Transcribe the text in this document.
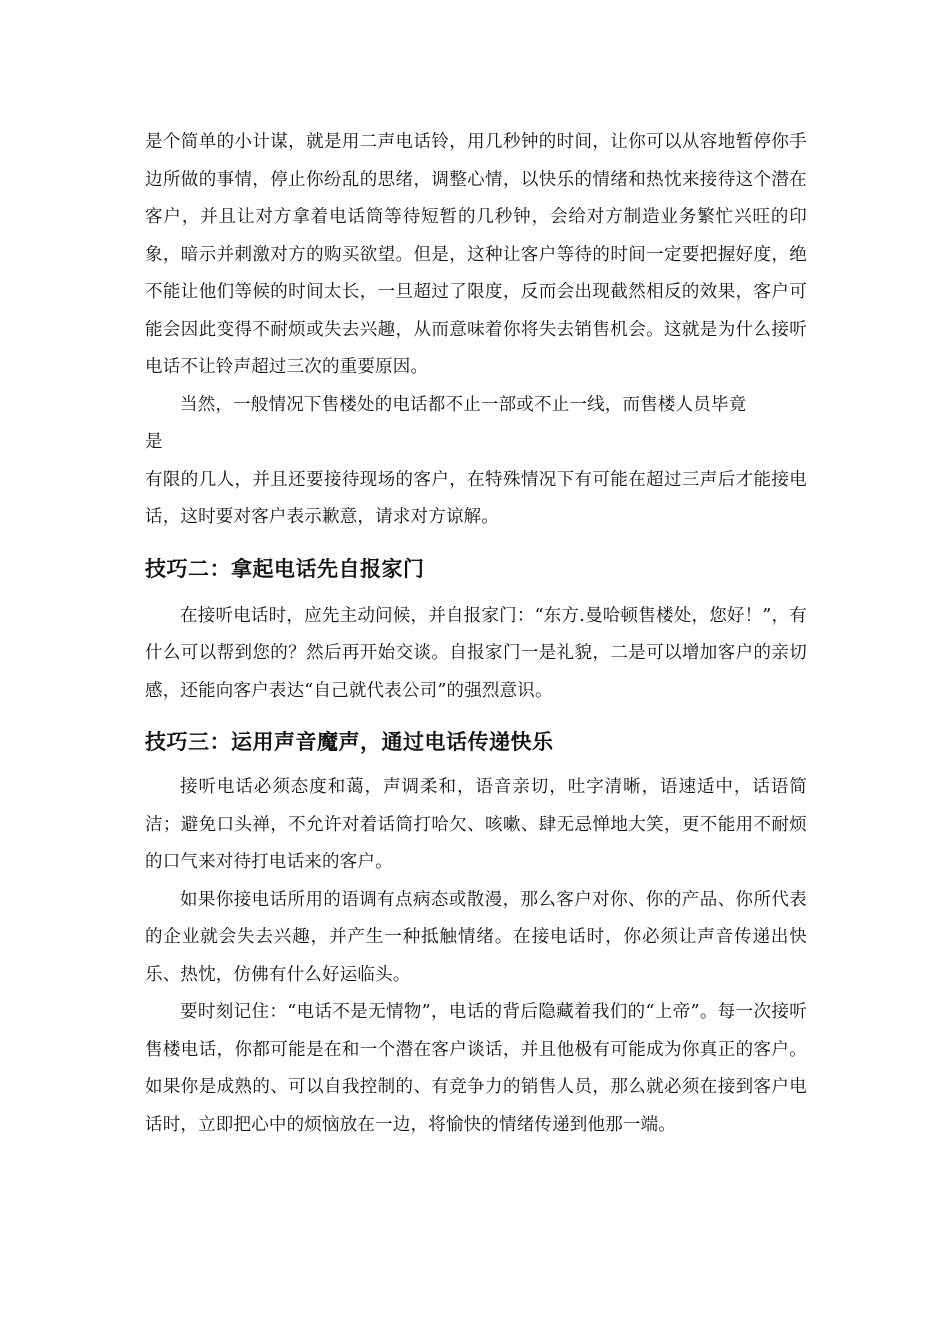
是个简单的小计谋，就是用二声电话铃，用几秒钟的时间，让你可以从容地暂停你手边所做的事情，停止你纷乱的思绪，调整心情，以快乐的情绪和热忱来接待这个潜在客户，并且让对方拿着电话筒等待短暂的几秒钟，会给对方制造业务繁忙兴旺的印象，暗示并刺激对方的购买欲望。但是，这种让客户等待的时间一定要把握好度，绝不能让他们等候的时间太长，一旦超过了限度，反而会出现截然相反的效果，客户可能会因此变得不耐烦或失去兴趣，从而意味着你将失去销售机会。这就是为什么接听电话不让铃声超过三次的重要原因。

当然，一般情况下售楼处的电话都不止一部或不止一线，而售楼人员毕竟

是

有限的几人，并且还要接待现场的客户，在特殊情况下有可能在超过三声后才能接电话，这时要对客户表示歉意，请求对方谅解。

技巧二：拿起电话先自报家门

在接听电话时，应先主动问候，并自报家门：“东方.曼哈顿售楼处，您好！”，有什么可以帮到您的？然后再开始交谈。自报家门一是礼貌，二是可以增加客户的亲切感，还能向客户表达“自己就代表公司”的强烈意识。

技巧三：运用声音魔声，通过电话传递快乐

接听电话必须态度和蔼，声调柔和，语音亲切，吐字清晰，语速适中，话语简洁；避免口头禅，不允许对着话筒打哈欠、咳嗽、肆无忌惮地大笑，更不能用不耐烦的口气来对待打电话来的客户。

如果你接电话所用的语调有点病态或散漫，那么客户对你、你的产品、你所代表的企业就会失去兴趣，并产生一种抵触情绪。在接电话时，你必须让声音传递出快乐、热忱，仿佛有什么好运临头。

要时刻记住：“电话不是无情物”，电话的背后隐藏着我们的“上帝”。每一次接听售楼电话，你都可能是在和一个潜在客户谈话，并且他极有可能成为你真正的客户。如果你是成熟的、可以自我控制的、有竞争力的销售人员，那么就必须在接到客户电话时，立即把心中的烦恼放在一边，将愉快的情绪传递到他那一端。
